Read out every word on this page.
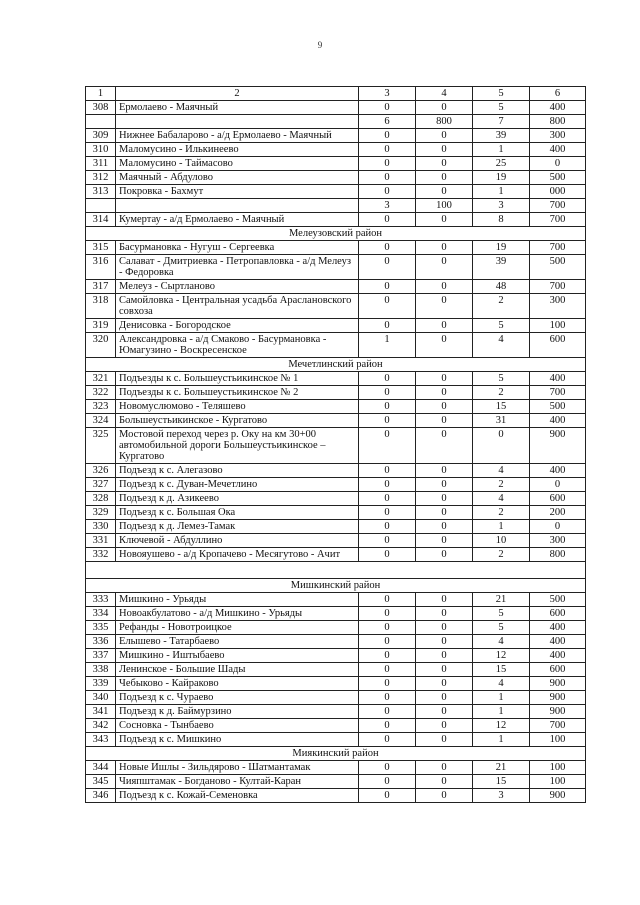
9
1	2	3	4	5	6
308	Ермолаево - Маячный	0	0	5	400
		6	800	7	800
309	Нижнее Бабаларово - а/д Ермолаево - Маячный	0	0	39	300
310	Маломусино - Илькинеево	0	0	1	400
311	Маломусино - Таймасово	0	0	25	0
312	Маячный - Абдулово	0	0	19	500
313	Покровка - Бахмут	0	0	1	000
		3	100	3	700
314	Кумертау - а/д Ермолаево - Маячный	0	0	8	700
Мелеузовский район					
315	Басурмановка - Нугуш - Сергеевка	0	0	19	700
316	Салават - Дмитриевка - Петропавловка - а/д Мелеуз - Федоровка	0	0	39	500
317	Мелеуз - Сыртланово	0	0	48	700
318	Самойловка - Центральная усадьба Араслановского совхоза	0	0	2	300
319	Денисовка - Богородское	0	0	5	100
320	Александровка - а/д Смаково - Басурмановка - Юмагузино - Воскресенское	1	0	4	600
Мечетлинский район					
321	Подъезды к с. Большеустьикинское № 1	0	0	5	400
322	Подъезды к с. Большеустьикинское № 2	0	0	2	700
323	Новомуслюмово - Теляшево	0	0	15	500
324	Большеустьикинское - Кургатово	0	0	31	400
325	Мостовой переход через р. Оку на км 30+00 автомобильной дороги Большеустьикинское – Кургатово	0	0	0	900
326	Подъезд к с. Алегазово	0	0	4	400
327	Подъезд к с. Дуван-Мечетлино	0	0	2	0
328	Подъезд к д. Азикеево	0	0	4	600
329	Подъезд к с. Большая Ока	0	0	2	200
330	Подъезд к д. Лемез-Тамак	0	0	1	0
331	Ключевой - Абдуллино	0	0	10	300
332	Новояушево - а/д Кропачево - Месягутово - Ачит	0	0	2	800

Мишкинский район					
333	Мишкино - Урьяды	0	0	21	500
334	Новоакбулатово - а/д Мишкино - Урьяды	0	0	5	600
335	Рефанды - Новотроицкое	0	0	5	400
336	Елышево - Татарбаево	0	0	4	400
337	Мишкино - Иштыбаево	0	0	12	400
338	Ленинское - Большие Шады	0	0	15	600
339	Чебыково - Кайраково	0	0	4	900
340	Подъезд к с. Чураево	0	0	1	900
341	Подъезд к д. Баймурзино	0	0	1	900
342	Сосновка - Тынбаево	0	0	12	700
343	Подъезд к с. Мишкино	0	0	1	100
Миякинский район					
344	Новые Ишлы - Зильдярово - Шатмантамак	0	0	21	100
345	Чияпштамак - Богданово - Култай-Каран	0	0	15	100
346	Подъезд к с. Кожай-Семеновка	0	0	3	900
